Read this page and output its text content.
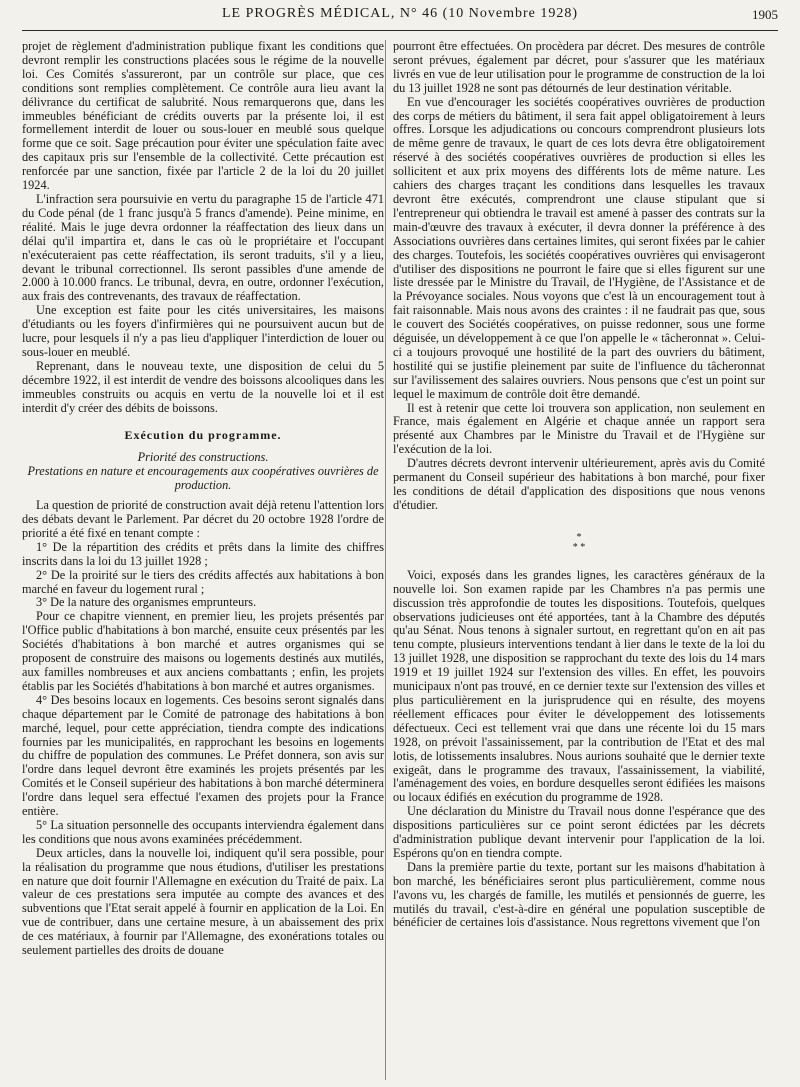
LE PROGRÈS MÉDICAL, N° 46 (10 Novembre 1928)	1905

projet de règlement d'administration publique fixant les conditions que devront remplir les constructions placées sous le régime de la nouvelle loi. Ces Comités s'assureront, par un contrôle sur place, que ces conditions sont remplies complètement. Ce contrôle aura lieu avant la délivrance du certificat de salubrité. Nous remarquerons que, dans les immeubles bénéficiant de crédits ouverts par la présente loi, il est formellement interdit de louer ou sous-louer en meublé sous quelque forme que ce soit. Sage précaution pour éviter une spéculation faite avec des capitaux pris sur l'ensemble de la collectivité. Cette précaution est renforcée par une sanction, fixée par l'article 2 de la loi du 20 juillet 1924.

L'infraction sera poursuivie en vertu du paragraphe 15 de l'article 471 du Code pénal (de 1 franc jusqu'à 5 francs d'amende). Peine minime, en réalité. Mais le juge devra ordonner la réaffectation des lieux dans un délai qu'il impartira et, dans le cas où le propriétaire et l'occupant n'exécuteraient pas cette réaffectation, ils seront traduits, s'il y a lieu, devant le tribunal correctionnel. Ils seront passibles d'une amende de 2.000 à 10.000 francs. Le tribunal, devra, en outre, ordonner l'exécution, aux frais des contrevenants, des travaux de réaffectation.

Une exception est faite pour les cités universitaires, les maisons d'étudiants ou les foyers d'infirmières qui ne poursuivent aucun but de lucre, pour lesquels il n'y a pas lieu d'appliquer l'interdiction de louer ou sous-louer en meublé.

Reprenant, dans le nouveau texte, une disposition de celui du 5 décembre 1922, il est interdit de vendre des boissons alcooliques dans les immeubles construits ou acquis en vertu de la nouvelle loi et il est interdit d'y créer des débits de boissons.

Exécution du programme.
Priorité des constructions.
Prestations en nature et encouragements aux coopératives ouvrières de production.

La question de priorité de construction avait déjà retenu l'attention lors des débats devant le Parlement. Par décret du 20 octobre 1928 l'ordre de priorité a été fixé en tenant compte :

1° De la répartition des crédits et prêts dans la limite des chiffres inscrits dans la loi du 13 juillet 1928 ;

2° De la proirité sur le tiers des crédits affectés aux habitations à bon marché en faveur du logement rural ;

3° De la nature des organismes emprunteurs.

Pour ce chapitre viennent, en premier lieu, les projets présentés par l'Office public d'habitations à bon marché, ensuite ceux présentés par les Sociétés d'habitations à bon marché et autres organismes qui se proposent de construire des maisons ou logements destinés aux mutilés, aux familles nombreuses et aux anciens combattants ; enfin, les projets établis par les Sociétés d'habitations à bon marché et autres organismes.

4° Des besoins locaux en logements. Ces besoins seront signalés dans chaque département par le Comité de patronage des habitations à bon marché, lequel, pour cette appréciation, tiendra compte des indications fournies par les municipalités, en rapprochant les besoins en logements du chiffre de population des communes. Le Préfet donnera, son avis sur l'ordre dans lequel devront être examinés les projets présentés par les Comités et le Conseil supérieur des habitations à bon marché déterminera l'ordre dans lequel sera effectué l'examen des projets pour la France entière.

5° La situation personnelle des occupants interviendra également dans les conditions que nous avons examinées précédemment.

Deux articles, dans la nouvelle loi, indiquent qu'il sera possible, pour la réalisation du programme que nous étudions, d'utiliser les prestations en nature que doit fournir l'Allemagne en exécution du Traité de paix. La valeur de ces prestations sera imputée au compte des avances et des subventions que l'Etat serait appelé à fournir en application de la Loi. En vue de contribuer, dans une certaine mesure, à un abaissement des prix de ces matériaux, à fournir par l'Allemagne, des exonérations totales ou seulement partielles des droits de douane

pourront être effectuées. On procèdera par décret. Des mesures de contrôle seront prévues, également par décret, pour s'assurer que les matériaux livrés en vue de leur utilisation pour le programme de construction de la loi du 13 juillet 1928 ne sont pas détournés de leur destination véritable.

En vue d'encourager les sociétés coopératives ouvrières de production des corps de métiers du bâtiment, il sera fait appel obligatoirement à leurs offres. Lorsque les adjudications ou concours comprendront plusieurs lots de même genre de travaux, le quart de ces lots devra être obligatoirement réservé à des sociétés coopératives ouvrières de production si elles les sollicitent et aux prix moyens des différents lots de même nature. Les cahiers des charges traçant les conditions dans lesquelles les travaux devront être exécutés, comprendront une clause stipulant que si l'entrepreneur qui obtiendra le travail est amené à passer des contrats sur la main-d'œuvre des travaux à exécuter, il devra donner la préférence à des Associations ouvrières dans certaines limites, qui seront fixées par le cahier des charges. Toutefois, les sociétés coopératives ouvrières qui envisageront d'utiliser des dispositions ne pourront le faire que si elles figurent sur une liste dressée par le Ministre du Travail, de l'Hygiène, de l'Assistance et de la Prévoyance sociales. Nous voyons que c'est là un encouragement tout à fait raisonnable. Mais nous avons des craintes : il ne faudrait pas que, sous le couvert des Sociétés coopératives, on puisse redonner, sous une forme déguisée, un développement à ce que l'on appelle le « tâcheronnat ». Celui-ci a toujours provoqué une hostilité de la part des ouvriers du bâtiment, hostilité qui se justifie pleinement par suite de l'influence du tâcheronnat sur l'avilissement des salaires ouvriers. Nous pensons que c'est un point sur lequel le maximum de contrôle doit être demandé.

Il est à retenir que cette loi trouvera son application, non seulement en France, mais également en Algérie et chaque année un rapport sera présenté aux Chambres par le Ministre du Travail et de l'Hygiène sur l'exécution de la loi.

D'autres décrets devront intervenir ultérieurement, après avis du Comité permanent du Conseil supérieur des habitations à bon marché, pour fixer les conditions de détail d'application des dispositions que nous venons d'étudier.

*
* *

Voici, exposés dans les grandes lignes, les caractères généraux de la nouvelle loi. Son examen rapide par les Chambres n'a pas permis une discussion très approfondie de toutes les dispositions. Toutefois, quelques observations judicieuses ont été apportées, tant à la Chambre des députés qu'au Sénat. Nous tenons à signaler surtout, en regrettant qu'on en ait pas tenu compte, plusieurs interventions tendant à lier dans le texte de la loi du 13 juillet 1928, une disposition se rapprochant du texte des lois du 14 mars 1919 et 19 juillet 1924 sur l'extension des villes. En effet, les pouvoirs municipaux n'ont pas trouvé, en ce dernier texte sur l'extension des villes et plus particulièrement en la jurisprudence qui en résulte, des moyens réellement efficaces pour éviter le développement des lotissements défectueux. Ceci est tellement vrai que dans une récente loi du 15 mars 1928, on prévoit l'assainissement, par la contribution de l'Etat et des mal lotis, de lotissements insalubres. Nous aurions souhaité que le dernier texte exigeât, dans le programme des travaux, l'assainissement, la viabilité, l'aménagement des voies, en bordure desquelles seront édifiées les maisons ou locaux édifiés en exécution du programme de 1928.

Une déclaration du Ministre du Travail nous donne l'espérance que des dispositions particulières sur ce point seront édictées par les décrets d'administration publique devant intervenir pour l'application de la loi. Espérons qu'on en tiendra compte.

Dans la première partie du texte, portant sur les maisons d'habitation à bon marché, les bénéficiaires seront plus particulièrement, comme nous l'avons vu, les chargés de famille, les mutilés et pensionnés de guerre, les mutilés du travail, c'est-à-dire en général une population susceptible de bénéficier de certaines lois d'assistance. Nous regrettons vivement que l'on
